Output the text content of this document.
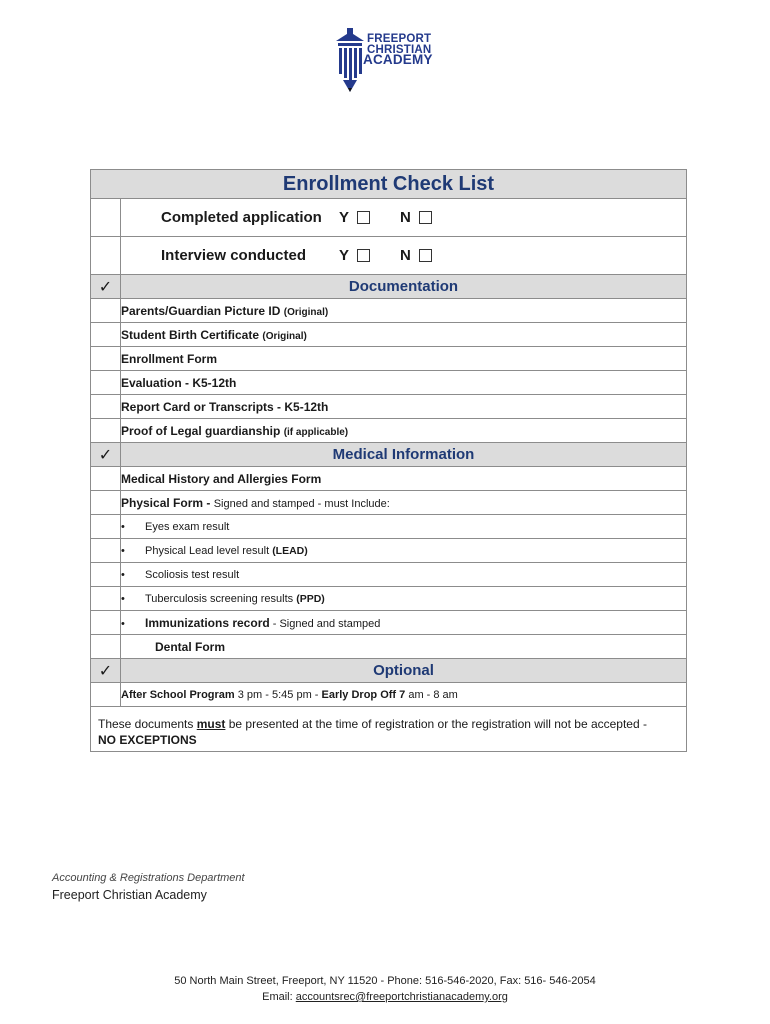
FREEPORT
CHRISTIAN
ACADEMY
Enrollment Check List	

	Completed application Y N

	Interview conducted Y N

✓	Documentation
	Parents/Guardian Picture ID (Original)
	Student Birth Certificate (Original)
	Enrollment Form
	Evaluation - K5-12th
	Report Card or Transcripts - K5-12th
	Proof of Legal guardianship (if applicable)
✓	Medical Information
	Medical History and Allergies Form
	Physical Form - Signed and stamped - must Include:
	• Eyes exam result
	• Physical Lead level result (LEAD)
	• Scoliosis test result
	• Tuberculosis screening results (PPD)
	• Immunizations record - Signed and stamped
	Dental Form
✓	Optional
	After School Program 3 pm - 5:45 pm - Early Drop Off 7 am - 8 am

These documents must be presented at the time of registration or the registration will not be accepted -
NO EXCEPTIONS	
Accounting & Registrations Department
Freeport Christian Academy
50 North Main Street, Freeport, NY 11520 - Phone: 516-546-2020, Fax: 516- 546-2054
Email: accountsrec@freeportchristianacademy.org
